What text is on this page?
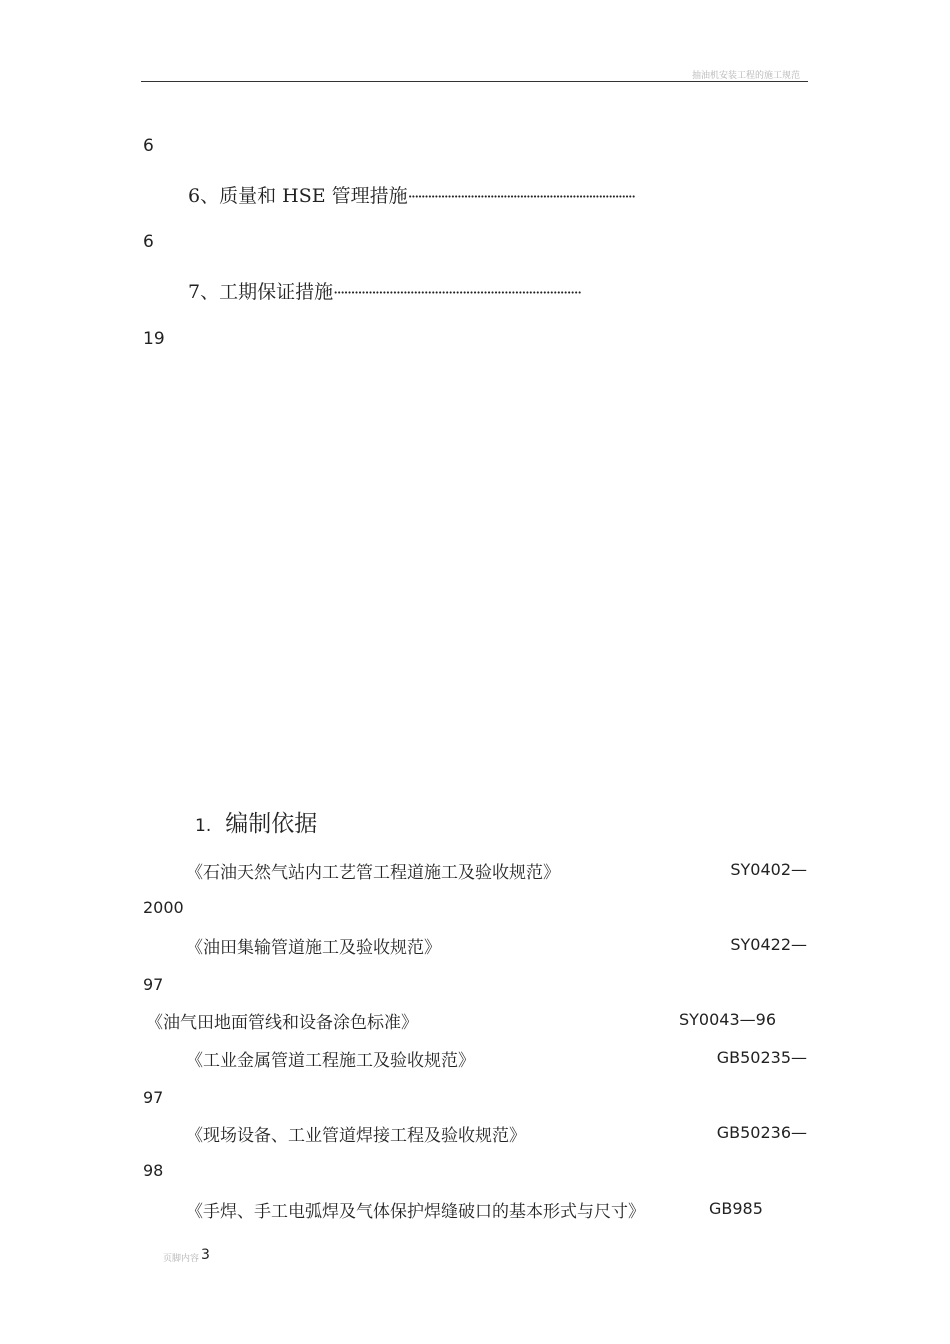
抽油机安装工程的施工规范
6
6、质量和 HSE 管理措施·····································································
6
7、工期保证措施·······································································
19
1. 编制依据
《石油天然气站内工艺管工程道施工及验收规范》	SY0402—
2000
《油田集输管道施工及验收规范》	SY0422—
97
《油气田地面管线和设备涂色标准》	SY0043—96
《工业金属管道工程施工及验收规范》	GB50235—
97
《现场设备、工业管道焊接工程及验收规范》	GB50236—
98
《手焊、手工电弧焊及气体保护焊缝破口的基本形式与尺寸》	GB985
页脚内容 3
